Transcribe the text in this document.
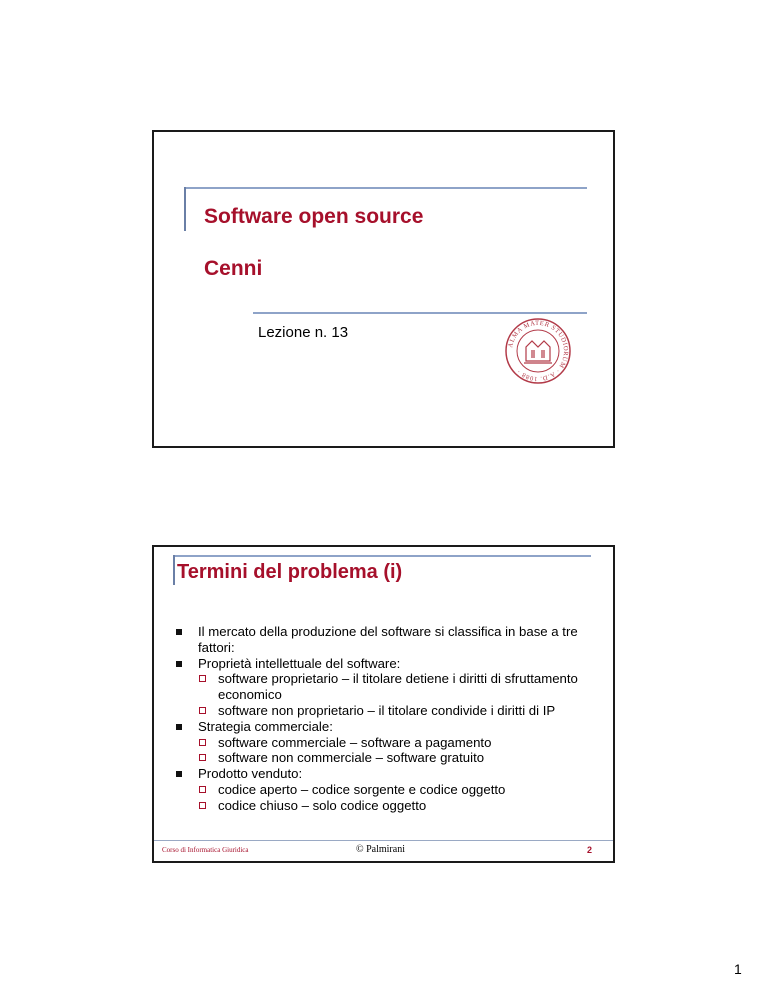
Software open source
Cenni
Lezione n. 13
ALMA MATER STUDIORUM · A.D. 1088 ·
Termini del problema (i)
Il mercato della produzione del software si classifica in base a tre fattori:
Proprietà intellettuale del software:
software proprietario – il titolare detiene i diritti di sfruttamento economico
software non proprietario – il titolare condivide i diritti di IP
Strategia commerciale:
software commerciale – software a pagamento
software non commerciale – software gratuito
Prodotto venduto:
codice aperto – codice sorgente e codice oggetto
codice chiuso – solo codice oggetto
Corso di Informatica Giuridica	© Palmirani	2
1
